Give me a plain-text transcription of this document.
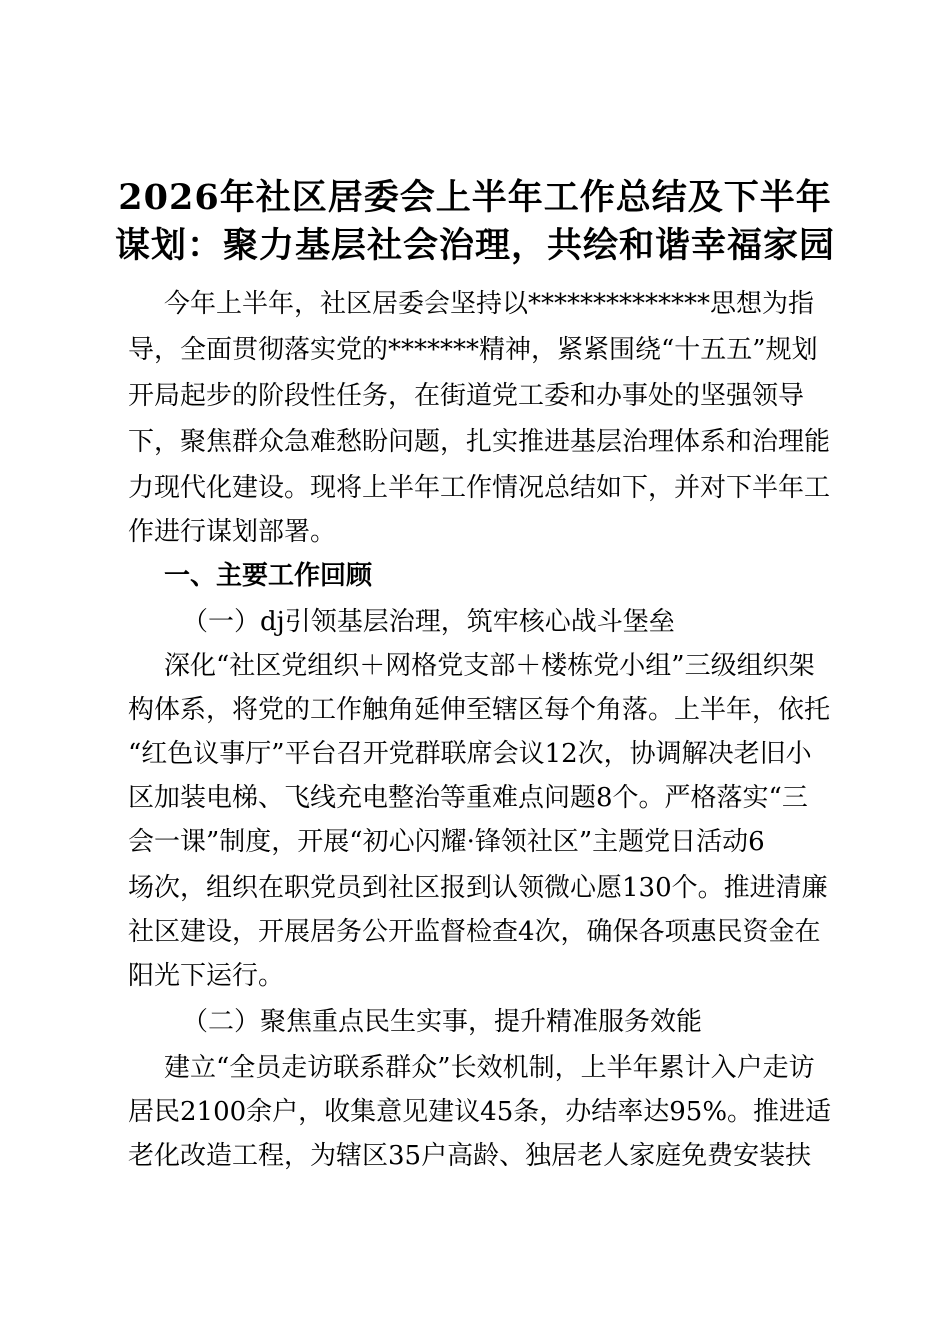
2026年社区居委会上半年工作总结及下半年
谋划：聚力基层社会治理，共绘和谐幸福家园

今年上半年，社区居委会坚持以**************思想为指

导，全面贯彻落实党的*******精神，紧紧围绕“十五五”规划

开局起步的阶段性任务，在街道党工委和办事处的坚强领导

下，聚焦群众急难愁盼问题，扎实推进基层治理体系和治理能

力现代化建设。现将上半年工作情况总结如下，并对下半年工

作进行谋划部署。

一、主要工作回顾

（一）dj引领基层治理，筑牢核心战斗堡垒

深化“社区党组织＋网格党支部＋楼栋党小组”三级组织架

构体系，将党的工作触角延伸至辖区每个角落。上半年，依托

“红色议事厅”平台召开党群联席会议12次，协调解决老旧小

区加装电梯、飞线充电整治等重难点问题8个。严格落实“三

会一课”制度，开展“初心闪耀·锋领社区”主题党日活动6

场次，组织在职党员到社区报到认领微心愿130个。推进清廉

社区建设，开展居务公开监督检查4次，确保各项惠民资金在

阳光下运行。

（二）聚焦重点民生实事，提升精准服务效能

建立“全员走访联系群众”长效机制，上半年累计入户走访

居民2100余户，收集意见建议45条，办结率达95%。推进适

老化改造工程，为辖区35户高龄、独居老人家庭免费安装扶
